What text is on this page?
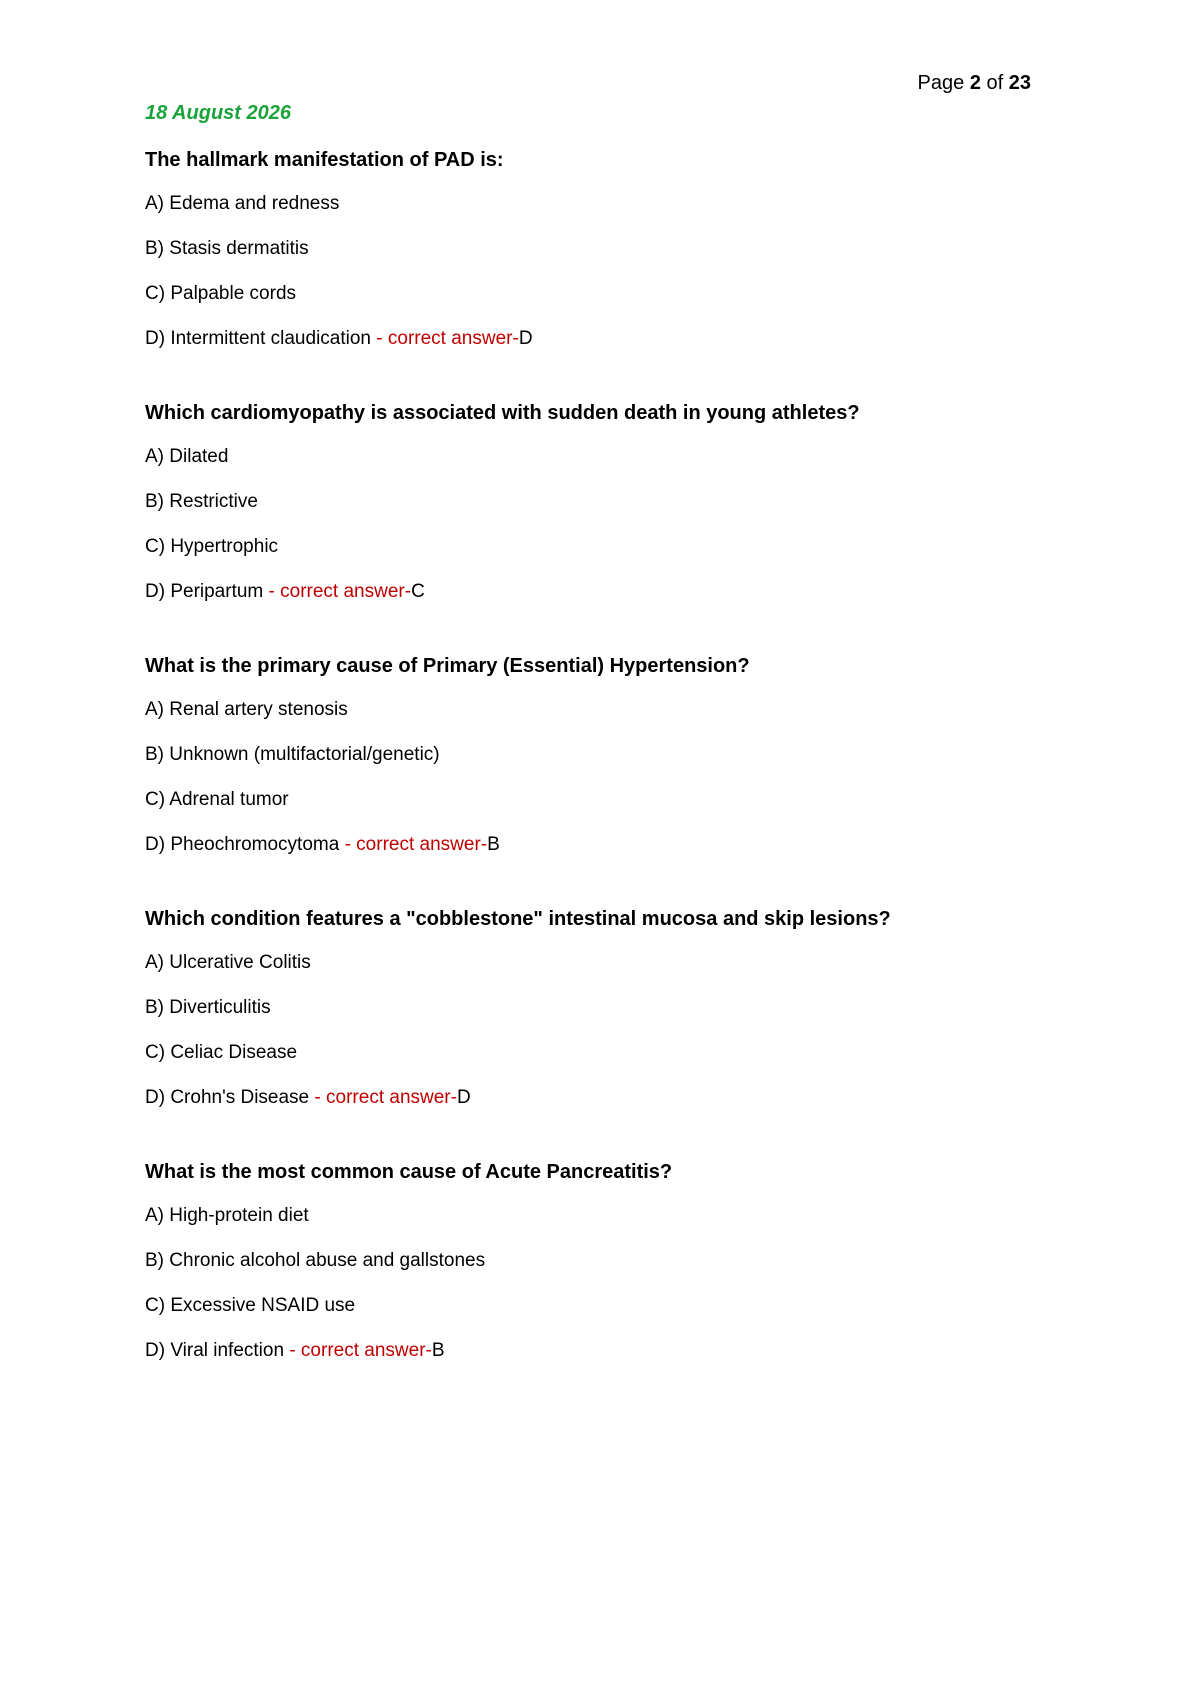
Page 2 of 23
18 August 2026
The hallmark manifestation of PAD is:
A) Edema and redness
B) Stasis dermatitis
C) Palpable cords
D) Intermittent claudication - correct answer-D
Which cardiomyopathy is associated with sudden death in young athletes?
A) Dilated
B) Restrictive
C) Hypertrophic
D) Peripartum - correct answer-C
What is the primary cause of Primary (Essential) Hypertension?
A) Renal artery stenosis
B) Unknown (multifactorial/genetic)
C) Adrenal tumor
D) Pheochromocytoma - correct answer-B
Which condition features a "cobblestone" intestinal mucosa and skip lesions?
A) Ulcerative Colitis
B) Diverticulitis
C) Celiac Disease
D) Crohn's Disease - correct answer-D
What is the most common cause of Acute Pancreatitis?
A) High-protein diet
B) Chronic alcohol abuse and gallstones
C) Excessive NSAID use
D) Viral infection - correct answer-B
